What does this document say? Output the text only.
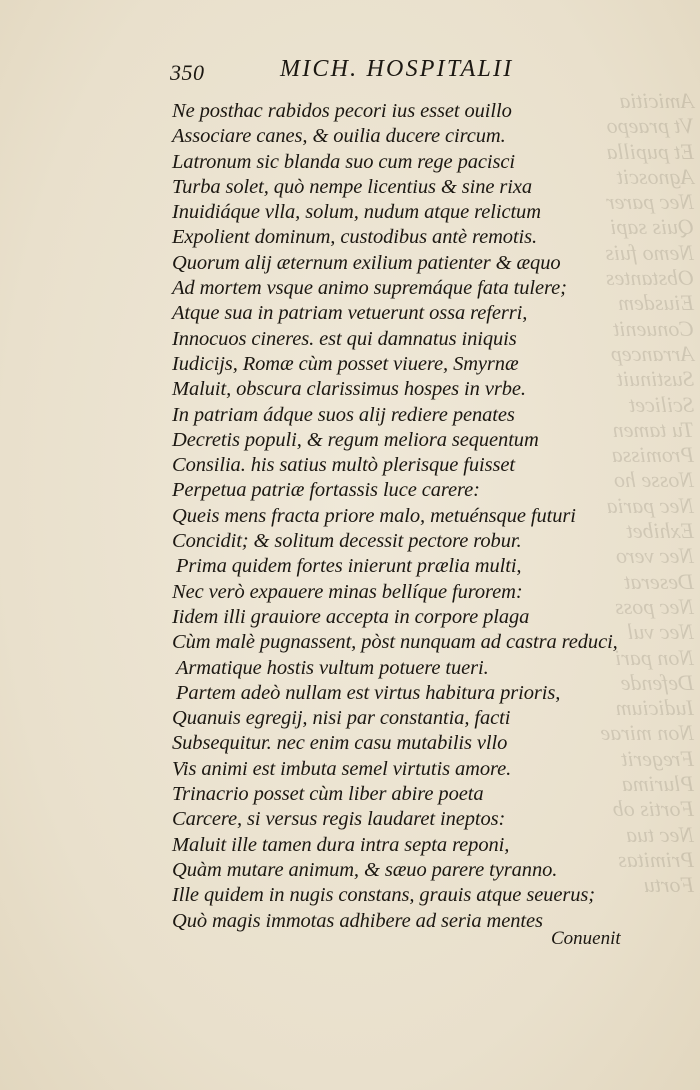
Amicitia
Vt praepo
Et pupilla
Agnoscit
Nec parer
Quis sapi
Nemo fuis
Obstantes
Eiusdem
Conuenit
Arrancep
Sustinuit
Scilicet
Tu tamen
Promissa
Nosse ho
Nec paria
Exhibet
Nec vero
Deserat
Nec poss
Nec vul
Non pari
Defende
Iudicium
Non mirae
Fregerit
Plurima
Fortis ob
Nec tua
Primitas
Fortu
350	MICH. HOSPITALII
Ne posthac rabidos pecori ius esset ouillo
Associare canes, & ouilia ducere circum.
Latronum sic blanda suo cum rege pacisci
Turba solet, quò nempe licentius & sine rixa
Inuidiáque vlla, solum, nudum atque relictum
Expolient dominum, custodibus antè remotis.
Quorum alij æternum exilium patienter & æquo
Ad mortem vsque animo supremáque fata tulere;
Atque sua in patriam vetuerunt ossa referri,
Innocuos cineres. est qui damnatus iniquis
Iudicijs, Romæ cùm posset viuere, Smyrnæ
Maluit, obscura clarissimus hospes in vrbe.
In patriam ádque suos alij rediere penates
Decretis populi, & regum meliora sequentum
Consilia. his satius multò plerisque fuisset
Perpetua patriæ fortassis luce carere:
Queis mens fracta priore malo, metuénsque futuri
Concidit; & solitum decessit pectore robur.
Prima quidem fortes inierunt prælia multi,
Nec verò expauere minas bellíque furorem:
Iidem illi grauiore accepta in corpore plaga
Cùm malè pugnassent, pòst nunquam ad castra reduci,
Armatique hostis vultum potuere tueri.
Partem adeò nullam est virtus habitura prioris,
Quanuis egregij, nisi par constantia, facti
Subsequitur. nec enim casu mutabilis vllo
Vis animi est imbuta semel virtutis amore.
Trinacrio posset cùm liber abire poeta
Carcere, si versus regis laudaret ineptos:
Maluit ille tamen dura intra septa reponi,
Quàm mutare animum, & sæuo parere tyranno.
Ille quidem in nugis constans, grauis atque seuerus;
Quò magis immotas adhibere ad seria mentes
Conuenit
